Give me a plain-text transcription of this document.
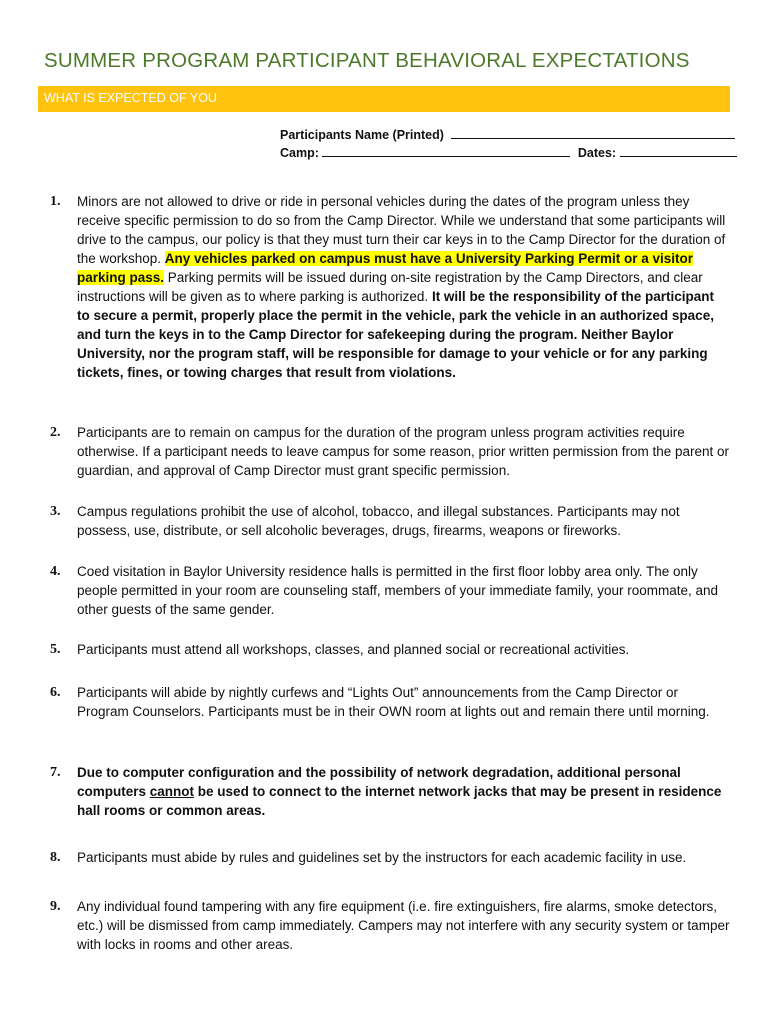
SUMMER PROGRAM PARTICIPANT BEHAVIORAL EXPECTATIONS
WHAT IS EXPECTED OF YOU
Participants Name (Printed)
Camp:	Dates:
1. Minors are not allowed to drive or ride in personal vehicles during the dates of the program unless they receive specific permission to do so from the Camp Director. While we understand that some participants will drive to the campus, our policy is that they must turn their car keys in to the Camp Director for the duration of the workshop. Any vehicles parked on campus must have a University Parking Permit or a visitor parking pass. Parking permits will be issued during on-site registration by the Camp Directors, and clear instructions will be given as to where parking is authorized. It will be the responsibility of the participant to secure a permit, properly place the permit in the vehicle, park the vehicle in an authorized space, and turn the keys in to the Camp Director for safekeeping during the program. Neither Baylor University, nor the program staff, will be responsible for damage to your vehicle or for any parking tickets, fines, or towing charges that result from violations.
2. Participants are to remain on campus for the duration of the program unless program activities require otherwise. If a participant needs to leave campus for some reason, prior written permission from the parent or guardian, and approval of Camp Director must grant specific permission.
3. Campus regulations prohibit the use of alcohol, tobacco, and illegal substances. Participants may not possess, use, distribute, or sell alcoholic beverages, drugs, firearms, weapons or fireworks.
4. Coed visitation in Baylor University residence halls is permitted in the first floor lobby area only. The only people permitted in your room are counseling staff, members of your immediate family, your roommate, and other guests of the same gender.
5. Participants must attend all workshops, classes, and planned social or recreational activities.
6. Participants will abide by nightly curfews and “Lights Out” announcements from the Camp Director or Program Counselors. Participants must be in their OWN room at lights out and remain there until morning.
7. Due to computer configuration and the possibility of network degradation, additional personal computers cannot be used to connect to the internet network jacks that may be present in residence hall rooms or common areas.
8. Participants must abide by rules and guidelines set by the instructors for each academic facility in use.
9. Any individual found tampering with any fire equipment (i.e. fire extinguishers, fire alarms, smoke detectors, etc.) will be dismissed from camp immediately. Campers may not interfere with any security system or tamper with locks in rooms and other areas.
